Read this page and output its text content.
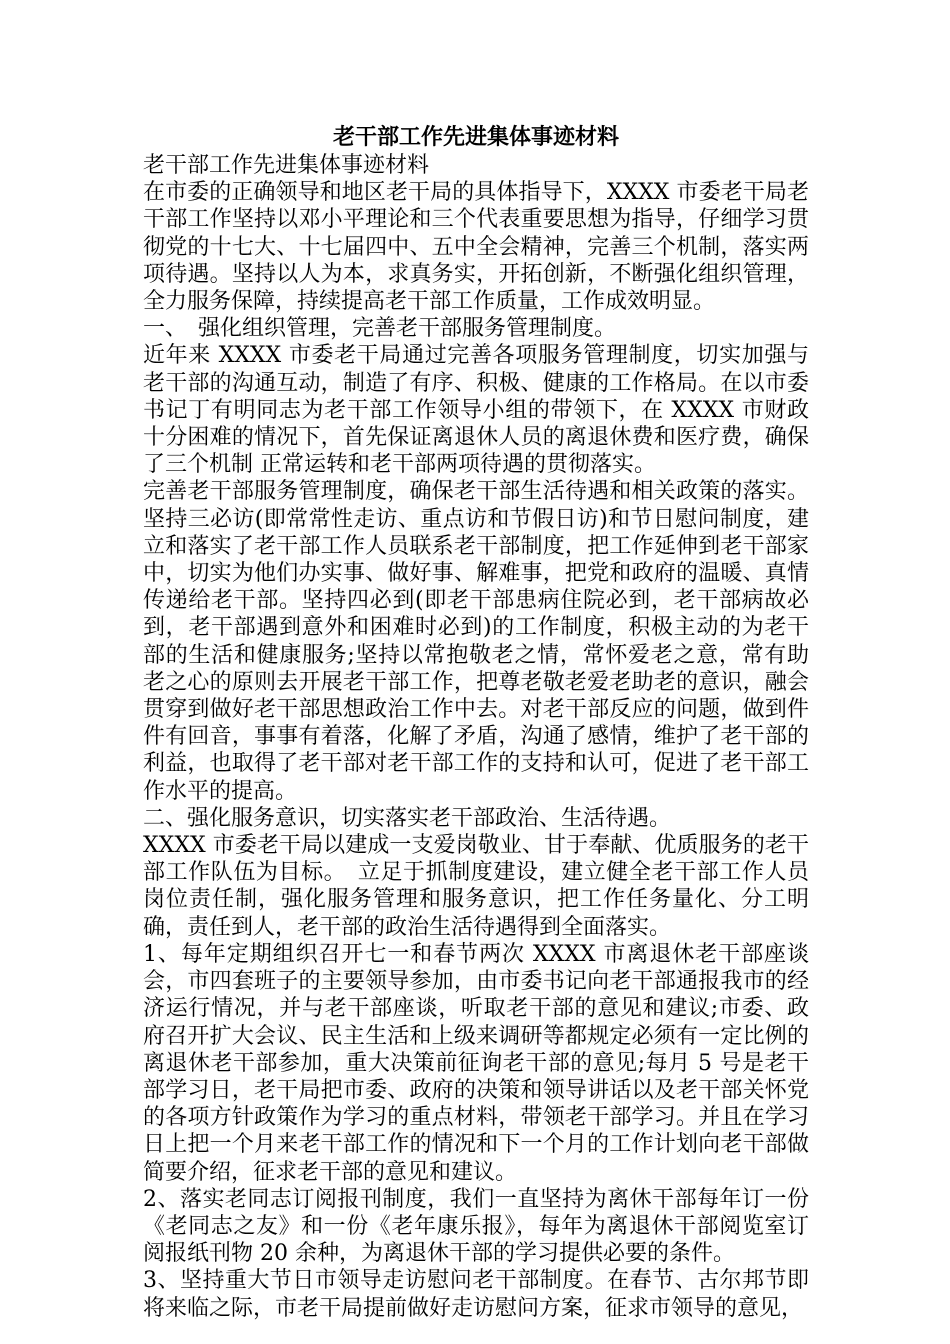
老干部工作先进集体事迹材料

老干部工作先进集体事迹材料

在市委的正确领导和地区老干局的具体指导下，XXXX 市委老干局老干部工作坚持以邓小平理论和三个代表重要思想为指导，仔细学习贯彻党的十七大、十七届四中、五中全会精神，完善三个机制，落实两项待遇。坚持以人为本，求真务实，开拓创新，不断强化组织管理，全力服务保障，持续提高老干部工作质量，工作成效明显。

一、　强化组织管理，完善老干部服务管理制度。

近年来 XXXX 市委老干局通过完善各项服务管理制度，切实加强与老干部的沟通互动，制造了有序、积极、健康的工作格局。在以市委书记丁有明同志为老干部工作领导小组的带领下，在 XXXX 市财政十分困难的情况下，首先保证离退休人员的离退休费和医疗费，确保了三个机制 正常运转和老干部两项待遇的贯彻落实。

完善老干部服务管理制度，确保老干部生活待遇和相关政策的落实。坚持三必访(即常常性走访、重点访和节假日访)和节日慰问制度，建立和落实了老干部工作人员联系老干部制度，把工作延伸到老干部家中，切实为他们办实事、做好事、解难事，把党和政府的温暖、真情传递给老干部。坚持四必到(即老干部患病住院必到，老干部病故必到，老干部遇到意外和困难时必到)的工作制度，积极主动的为老干部的生活和健康服务;坚持以常抱敬老之情，常怀爱老之意，常有助老之心的原则去开展老干部工作，把尊老敬老爱老助老的意识，融会贯穿到做好老干部思想政治工作中去。对老干部反应的问题，做到件件有回音，事事有着落，化解了矛盾，沟通了感情，维护了老干部的利益，也取得了老干部对老干部工作的支持和认可，促进了老干部工作水平的提高。

二、强化服务意识，切实落实老干部政治、生活待遇。

XXXX 市委老干局以建成一支爱岗敬业、甘于奉献、优质服务的老干部工作队伍为目标。　立足于抓制度建设，建立健全老干部工作人员岗位责任制，强化服务管理和服务意识，把工作任务量化、分工明确，责任到人，老干部的政治生活待遇得到全面落实。

1、每年定期组织召开七一和春节两次 XXXX 市离退休老干部座谈会，市四套班子的主要领导参加，由市委书记向老干部通报我市的经济运行情况，并与老干部座谈，听取老干部的意见和建议;市委、政府召开扩大会议、民主生活和上级来调研等都规定必须有一定比例的离退休老干部参加，重大决策前征询老干部的意见;每月 5 号是老干部学习日，老干局把市委、政府的决策和领导讲话以及老干部关怀党的各项方针政策作为学习的重点材料，带领老干部学习。并且在学习日上把一个月来老干部工作的情况和下一个月的工作计划向老干部做简要介绍，征求老干部的意见和建议。

2、落实老同志订阅报刊制度，我们一直坚持为离休干部每年订一份《老同志之友》和一份《老年康乐报》，每年为离退休干部阅览室订阅报纸刊物 20 余种，为离退休干部的学习提供必要的条件。

3、坚持重大节日市领导走访慰问老干部制度。在春节、古尔邦节即将来临之际，市老干局提前做好走访慰问方案，征求市领导的意见，
